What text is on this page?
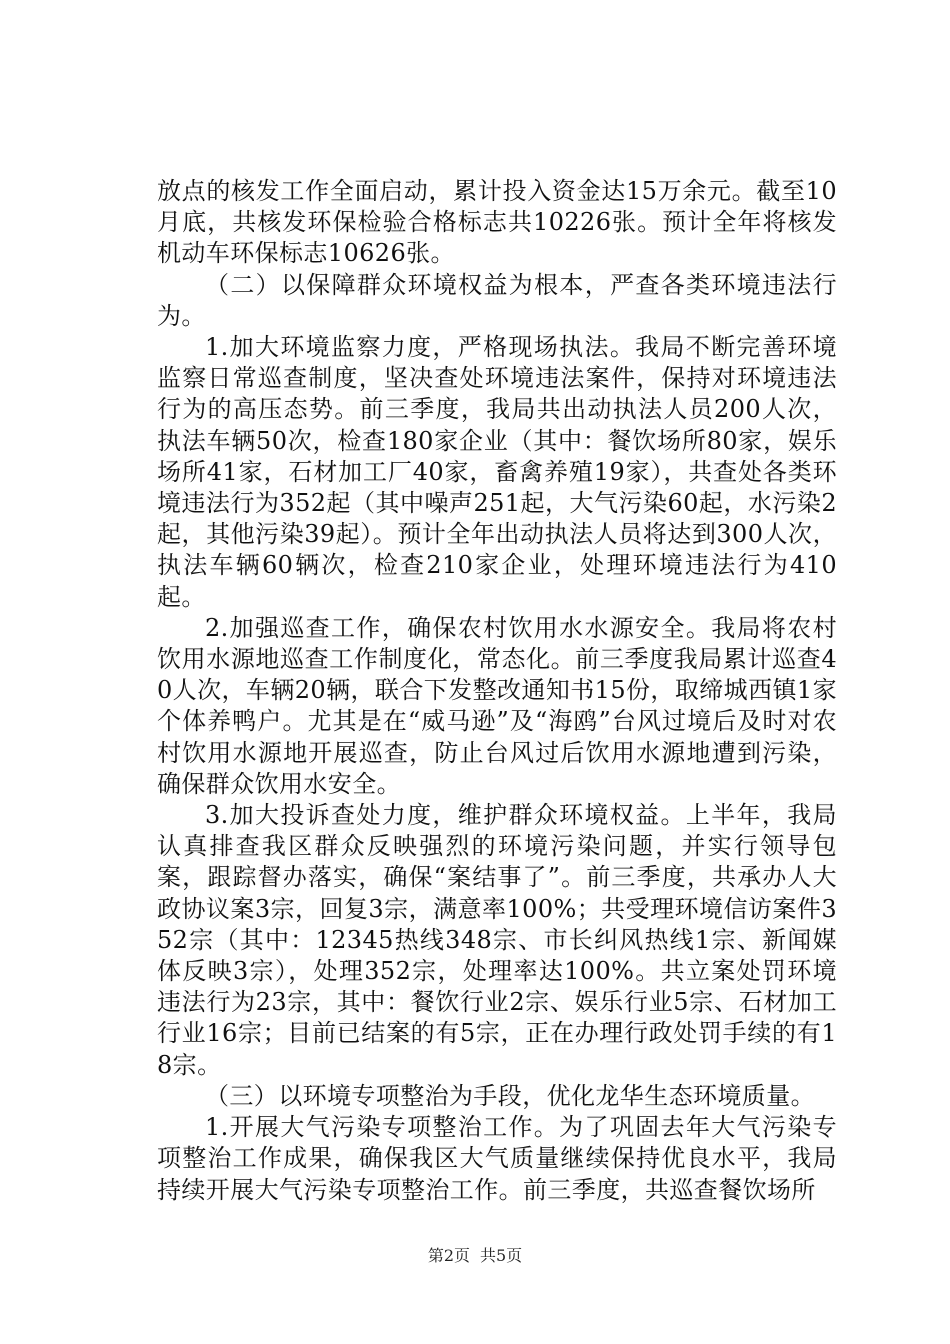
放点的核发工作全面启动，累计投入资金达15万余元。截至10月底，共核发环保检验合格标志共10226张。预计全年将核发机动车环保标志10626张。

（二）以保障群众环境权益为根本，严查各类环境违法行为。

1.加大环境监察力度，严格现场执法。我局不断完善环境监察日常巡查制度，坚决查处环境违法案件，保持对环境违法行为的高压态势。前三季度，我局共出动执法人员200人次，执法车辆50次，检查180家企业（其中：餐饮场所80家，娱乐场所41家，石材加工厂40家，畜禽养殖19家），共查处各类环境违法行为352起（其中噪声251起，大气污染60起，水污染2起，其他污染39起）。预计全年出动执法人员将达到300人次，执法车辆60辆次，检查210家企业，处理环境违法行为410起。

2.加强巡查工作，确保农村饮用水水源安全。我局将农村饮用水源地巡查工作制度化，常态化。前三季度我局累计巡查40人次，车辆20辆，联合下发整改通知书15份，取缔城西镇1家个体养鸭户。尤其是在“威马逊”及“海鸥”台风过境后及时对农村饮用水源地开展巡查，防止台风过后饮用水源地遭到污染，确保群众饮用水安全。

3.加大投诉查处力度，维护群众环境权益。上半年，我局认真排查我区群众反映强烈的环境污染问题，并实行领导包案，跟踪督办落实，确保“案结事了”。前三季度，共承办人大政协议案3宗，回复3宗，满意率100%；共受理环境信访案件352宗（其中：12345热线348宗、市长纠风热线1宗、新闻媒体反映3宗），处理352宗，处理率达100%。共立案处罚环境违法行为23宗，其中：餐饮行业2宗、娱乐行业5宗、石材加工行业16宗；目前已结案的有5宗，正在办理行政处罚手续的有18宗。

（三）以环境专项整治为手段，优化龙华生态环境质量。

1.开展大气污染专项整治工作。为了巩固去年大气污染专项整治工作成果，确保我区大气质量继续保持优良水平，我局持续开展大气污染专项整治工作。前三季度，共巡查餐饮场所

第2页 共5页
